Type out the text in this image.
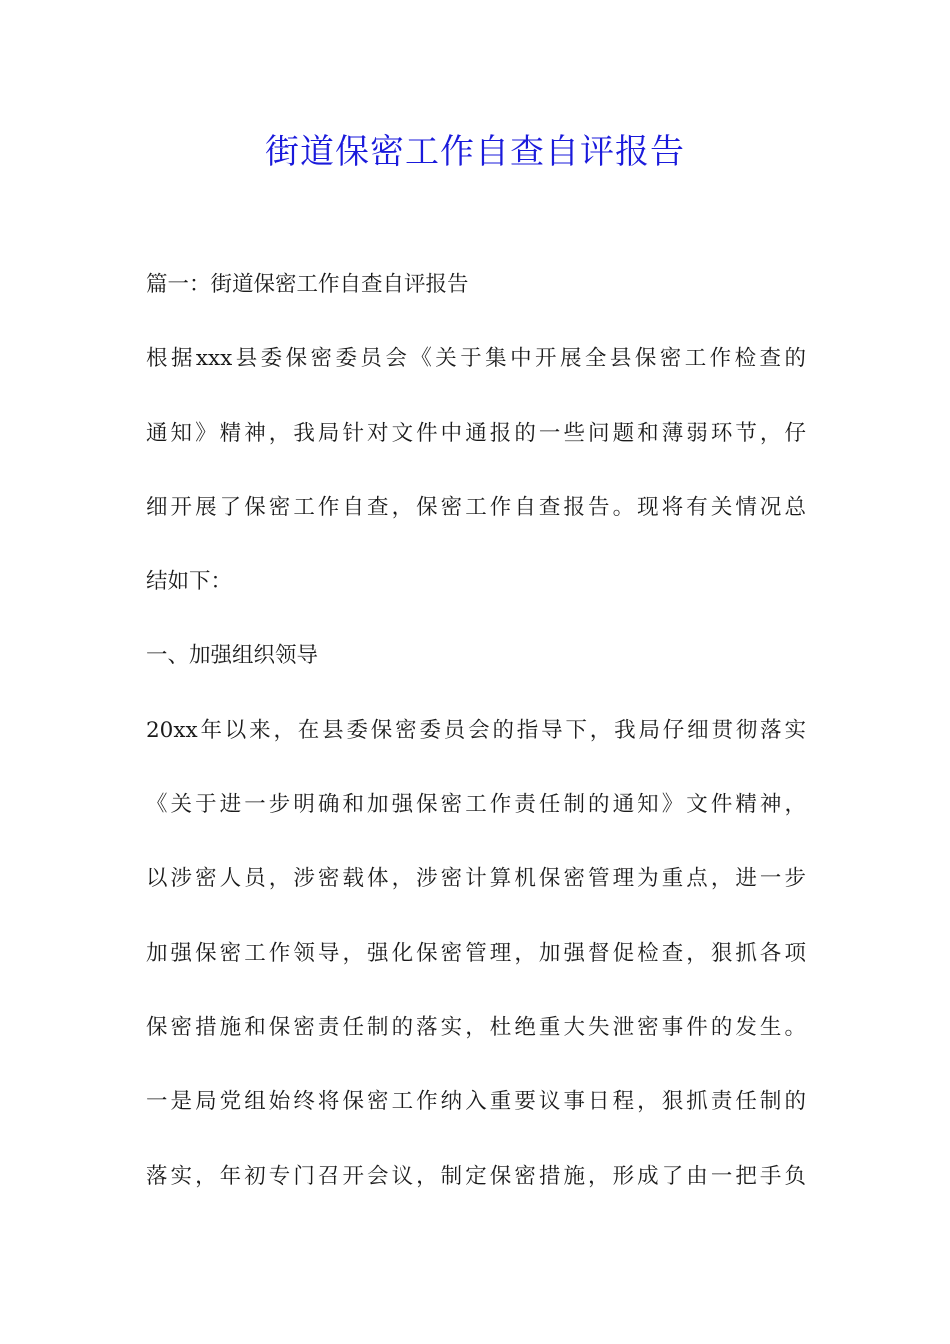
街道保密工作自查自评报告
篇一：街道保密工作自查自评报告
根据xxx县委保密委员会《关于集中开展全县保密工作检查的
通知》精神，我局针对文件中通报的一些问题和薄弱环节，仔
细开展了保密工作自查，保密工作自查报告。现将有关情况总
结如下：
一、加强组织领导
20xx年以来，在县委保密委员会的指导下，我局仔细贯彻落实
《关于进一步明确和加强保密工作责任制的通知》文件精神，
以涉密人员，涉密载体，涉密计算机保密管理为重点，进一步
加强保密工作领导，强化保密管理，加强督促检查，狠抓各项
保密措施和保密责任制的落实，杜绝重大失泄密事件的发生。
一是局党组始终将保密工作纳入重要议事日程，狠抓责任制的
落实，年初专门召开会议，制定保密措施，形成了由一把手负
